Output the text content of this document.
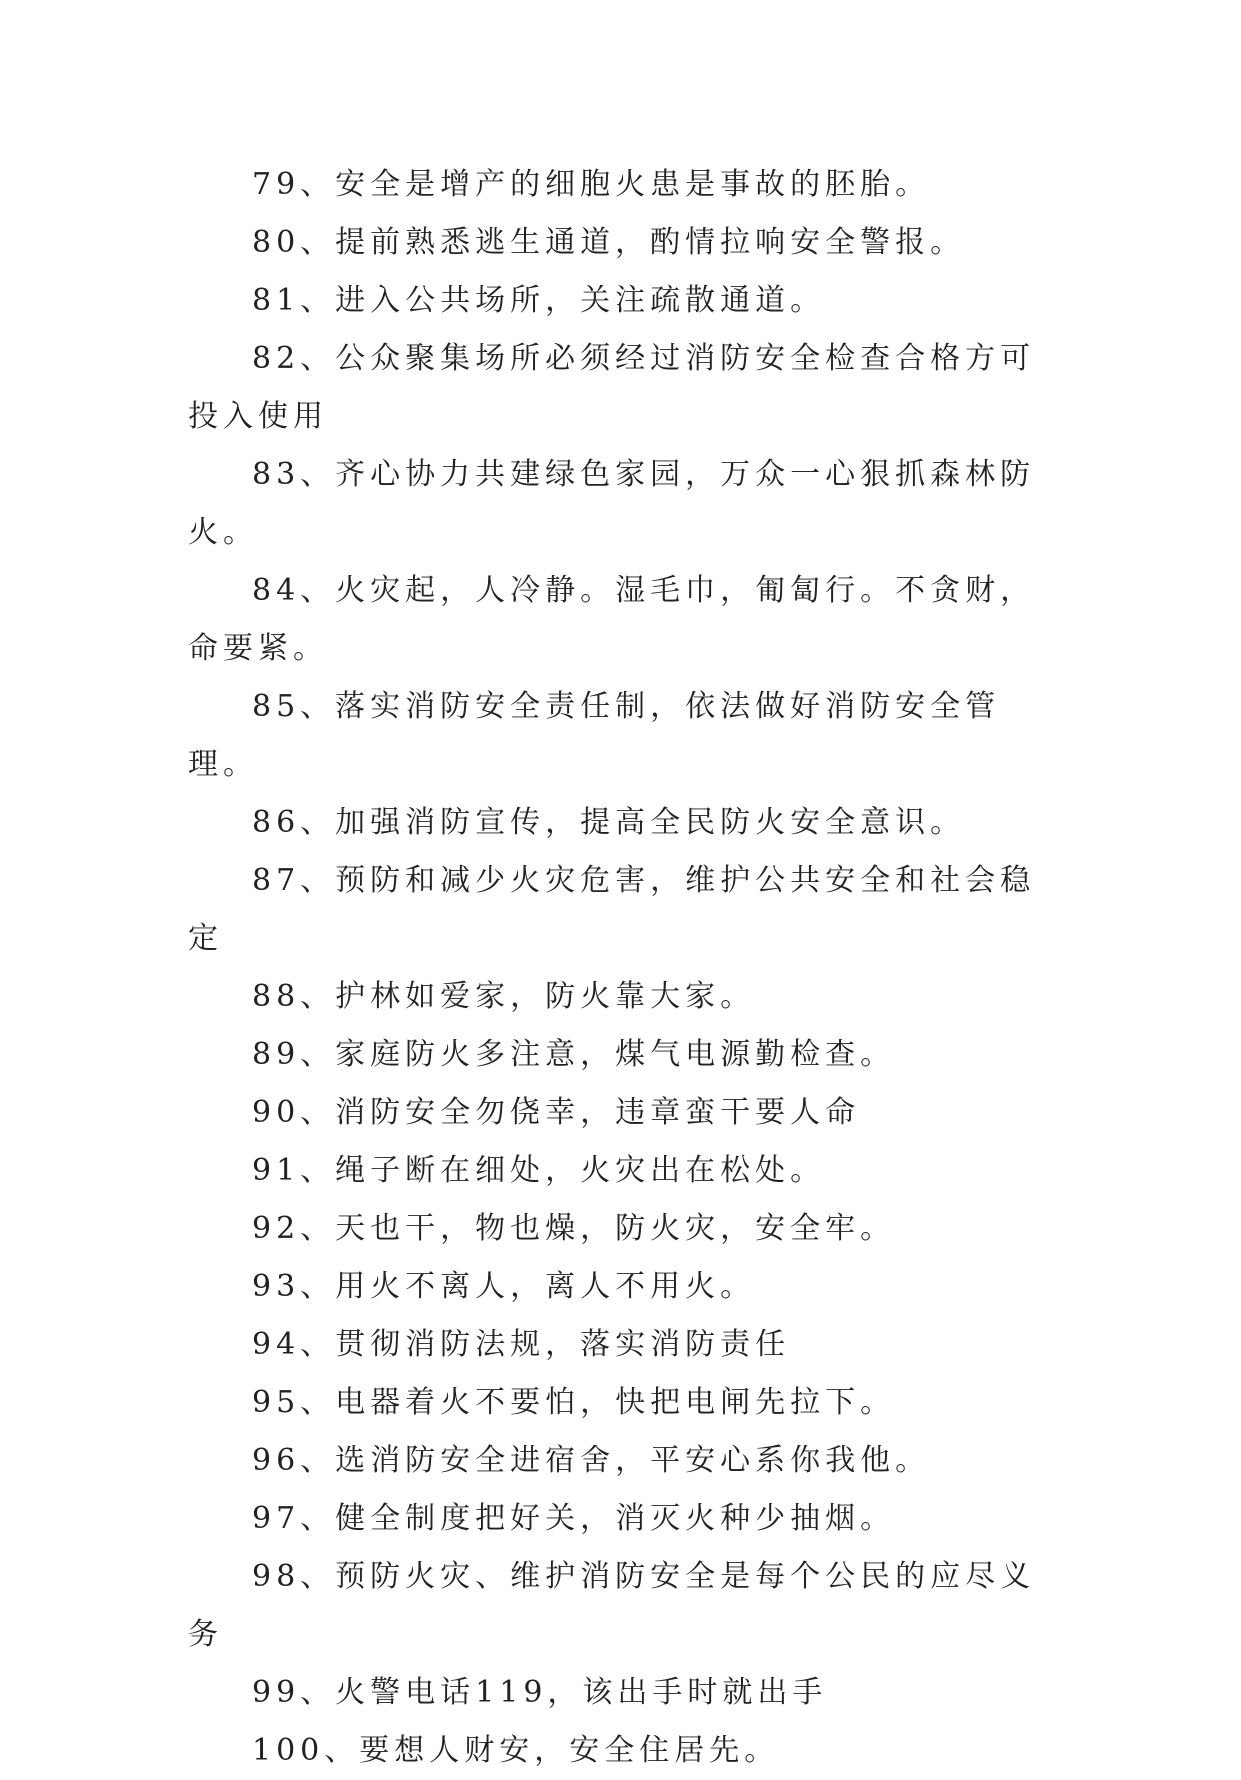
79、安全是增产的细胞火患是事故的胚胎。

80、提前熟悉逃生通道，酌情拉响安全警报。

81、进入公共场所，关注疏散通道。

82、公众聚集场所必须经过消防安全检查合格方可投入使用

83、齐心协力共建绿色家园，万众一心狠抓森林防火。

84、火灾起，人冷静。湿毛巾，匍匐行。不贪财，命要紧。

85、落实消防安全责任制，依法做好消防安全管理。

86、加强消防宣传，提高全民防火安全意识。

87、预防和减少火灾危害，维护公共安全和社会稳定

88、护林如爱家，防火靠大家。

89、家庭防火多注意，煤气电源勤检查。

90、消防安全勿侥幸，违章蛮干要人命

91、绳子断在细处，火灾出在松处。

92、天也干，物也燥，防火灾，安全牢。

93、用火不离人，离人不用火。

94、贯彻消防法规，落实消防责任

95、电器着火不要怕，快把电闸先拉下。

96、选消防安全进宿舍，平安心系你我他。

97、健全制度把好关，消灭火种少抽烟。

98、预防火灾、维护消防安全是每个公民的应尽义务

99、火警电话119，该出手时就出手

100、要想人财安，安全住居先。
